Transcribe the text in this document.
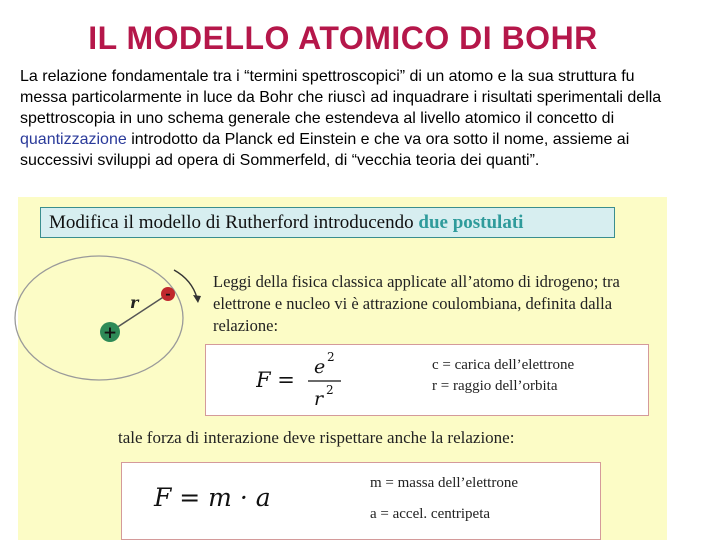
IL MODELLO ATOMICO DI BOHR
La relazione fondamentale tra i “termini spettroscopici” di un atomo e la sua struttura fu messa particolarmente in luce da Bohr che riuscì ad inquadrare i risultati sperimentali della spettroscopia in uno schema generale che estendeva al livello atomico il concetto di quantizzazione introdotto da Planck ed Einstein e che va ora sotto il nome, assieme ai successivi sviluppi ad opera di Sommerfeld, di “vecchia teoria dei quanti”.
Modifica il modello di Rutherford introducendo due postulati
r -
+
Leggi della fisica classica applicate all’atomo di idrogeno; tra elettrone e nucleo vi è attrazione coulombiana, definita dalla relazione:
F =
e 2
r 2
c = carica dell’elettrone
r = raggio dell’orbita
tale forza di interazione deve rispettare anche la relazione:
F = m · a	m = massa dell’elettrone
a = accel. centripeta
